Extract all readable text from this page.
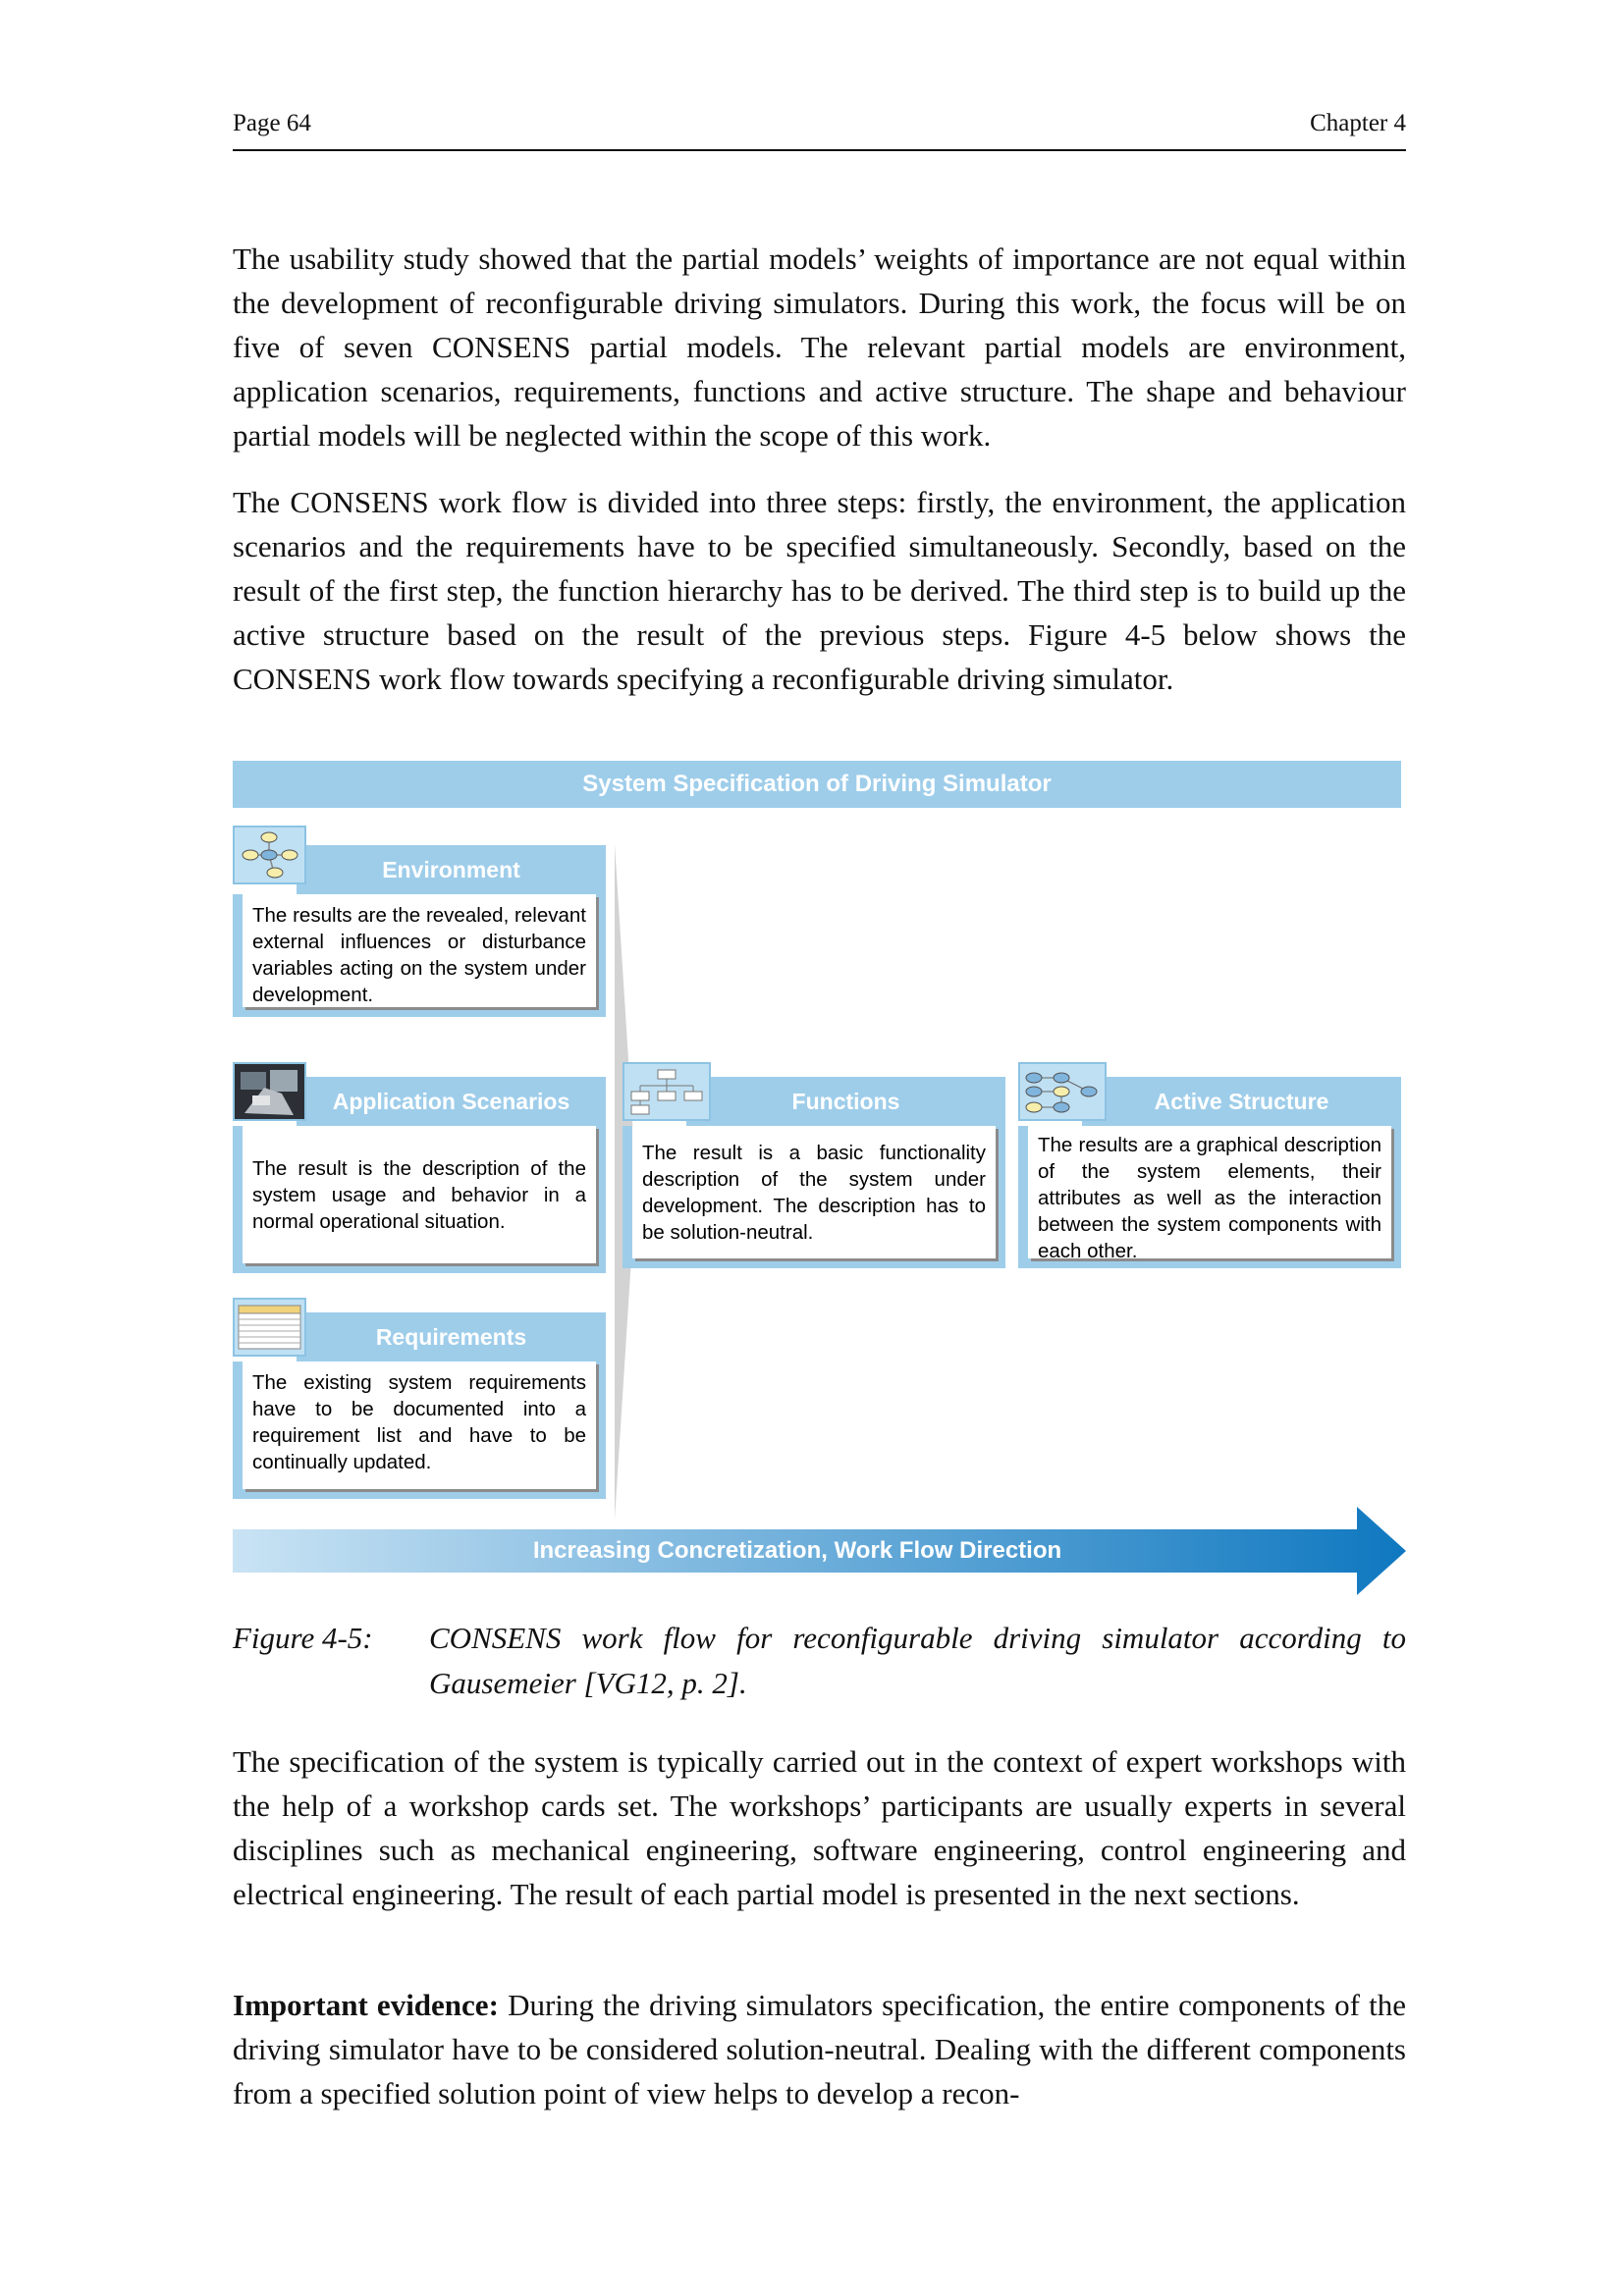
Page 64	Chapter 4

The usability study showed that the partial models’ weights of importance are not equal within the development of reconfigurable driving simulators. During this work, the focus will be on five of seven CONSENS partial models. The relevant partial models are environment, application scenarios, requirements, functions and active structure. The shape and behaviour partial models will be neglected within the scope of this work.

The CONSENS work flow is divided into three steps: firstly, the environment, the application scenarios and the requirements have to be specified simultaneously. Secondly, based on the result of the first step, the function hierarchy has to be derived. The third step is to build up the active structure based on the result of the previous steps. Figure 4-5 below shows the CONSENS work flow towards specifying a reconfigurable driving simulator.

System Specification of Driving Simulator
Environment
The results are the revealed, relevant external influences or disturbance variables acting on the system under development.
Application Scenarios
The result is the description of the system usage and behavior in a normal operational situation.
Requirements
The existing system requirements have to be documented into a requirement list and have to be continually updated.
Functions
The result is a basic functionality description of the system under development. The description has to be solution-neutral.
Active Structure
The results are a graphical description of the system elements, their attributes as well as the interaction between the system components with each other.
Increasing Concretization, Work Flow Direction
Figure 4-5: CONSENS work flow for reconfigurable driving simulator according to Gausemeier [VG12, p. 2].

The specification of the system is typically carried out in the context of expert workshops with the help of a workshop cards set. The workshops’ participants are usually experts in several disciplines such as mechanical engineering, software engineering, control engineering and electrical engineering. The result of each partial model is presented in the next sections.

Important evidence: During the driving simulators specification, the entire components of the driving simulator have to be considered solution-neutral. Dealing with the different components from a specified solution point of view helps to develop a recon-
